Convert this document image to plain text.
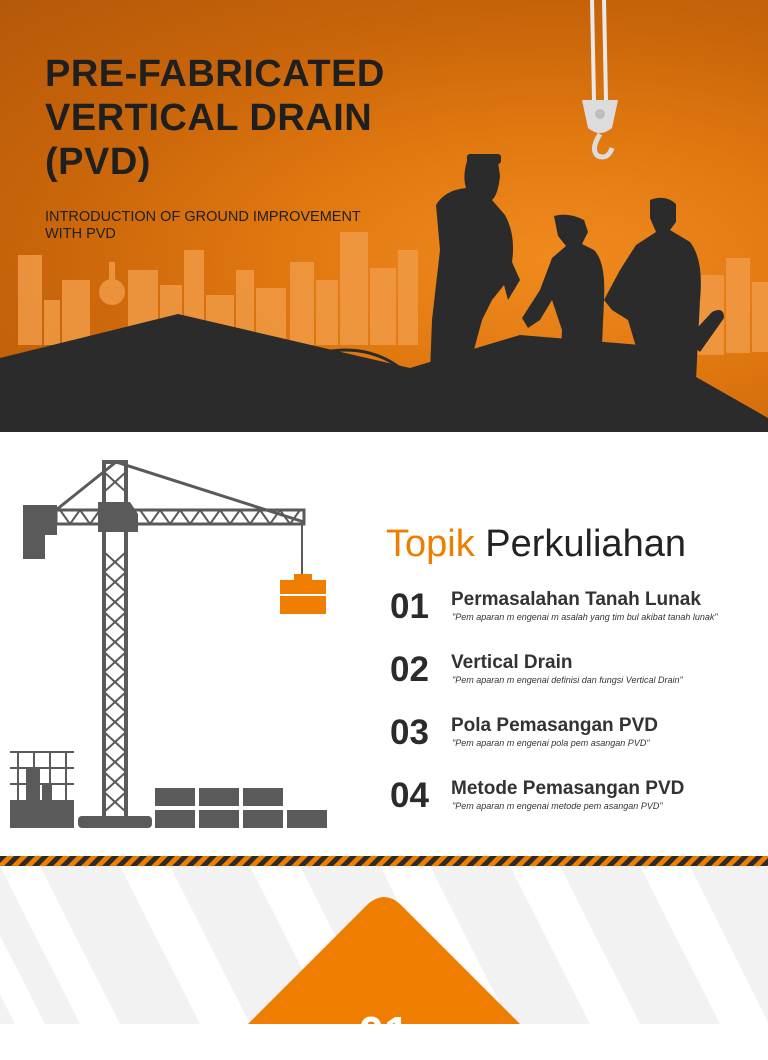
PRE-FABRICATED
VERTICAL DRAIN
(PVD)
INTRODUCTION OF GROUND IMPROVEMENT
WITH PVD
Topik Perkuliahan
01 Permasalahan Tanah Lunak
"Pem aparan m engenai m asalah yang tim bul akibat tanah lunak"
02 Vertical Drain
"Pem aparan m engenai definisi dan fungsi Vertical Drain"
03 Pola Pemasangan PVD
"Pem aparan m engenai pola pem asangan PVD"
04 Metode Pemasangan PVD
"Pem aparan m engenai metode pem asangan PVD"
01
